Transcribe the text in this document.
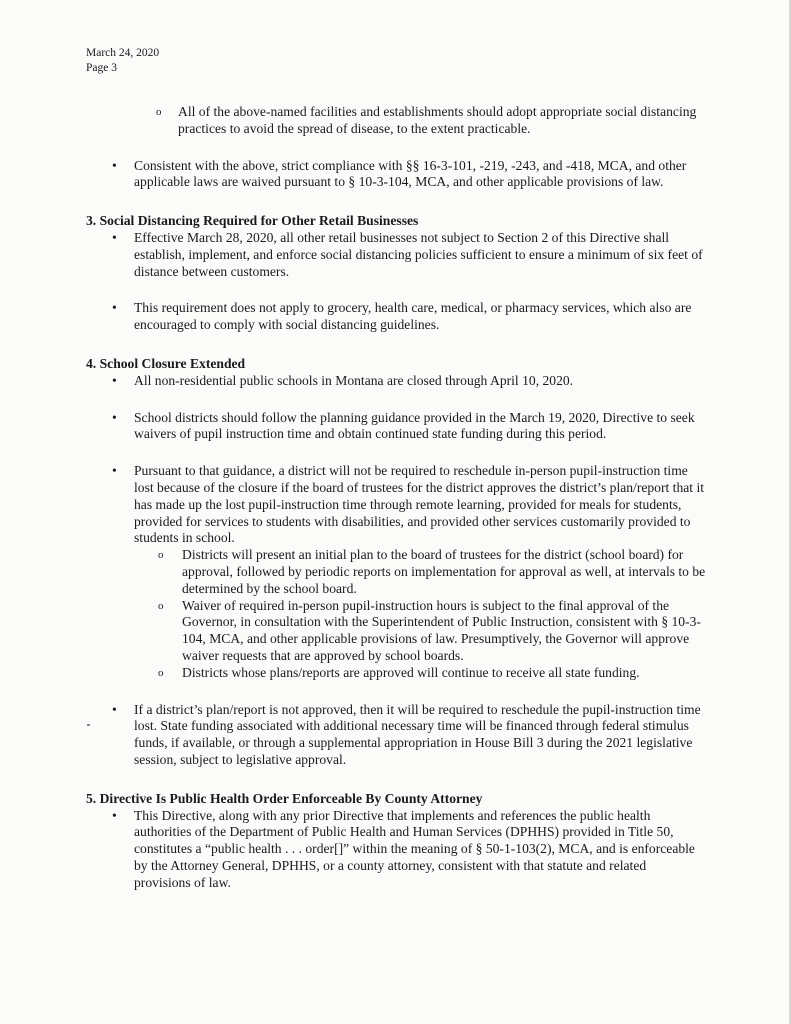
March 24, 2020
Page 3
o All of the above-named facilities and establishments should adopt appropriate social distancing practices to avoid the spread of disease, to the extent practicable.
• Consistent with the above, strict compliance with §§ 16-3-101, -219, -243, and -418, MCA, and other applicable laws are waived pursuant to § 10-3-104, MCA, and other applicable provisions of law.
3. Social Distancing Required for Other Retail Businesses
• Effective March 28, 2020, all other retail businesses not subject to Section 2 of this Directive shall establish, implement, and enforce social distancing policies sufficient to ensure a minimum of six feet of distance between customers.
• This requirement does not apply to grocery, health care, medical, or pharmacy services, which also are encouraged to comply with social distancing guidelines.
4. School Closure Extended
• All non-residential public schools in Montana are closed through April 10, 2020.
• School districts should follow the planning guidance provided in the March 19, 2020, Directive to seek waivers of pupil instruction time and obtain continued state funding during this period.
• Pursuant to that guidance, a district will not be required to reschedule in-person pupil-instruction time lost because of the closure if the board of trustees for the district approves the district’s plan/report that it has made up the lost pupil-instruction time through remote learning, provided for meals for students, provided for services to students with disabilities, and provided other services customarily provided to students in school.
o Districts will present an initial plan to the board of trustees for the district (school board) for approval, followed by periodic reports on implementation for approval as well, at intervals to be determined by the school board.
o Waiver of required in-person pupil-instruction hours is subject to the final approval of the Governor, in consultation with the Superintendent of Public Instruction, consistent with § 10-3-104, MCA, and other applicable provisions of law. Presumptively, the Governor will approve waiver requests that are approved by school boards.
o Districts whose plans/reports are approved will continue to receive all state funding.
• If a district’s plan/report is not approved, then it will be required to reschedule the pupil-instruction time lost. State funding associated with additional necessary time will be financed through federal stimulus funds, if available, or through a supplemental appropriation in House Bill 3 during the 2021 legislative session, subject to legislative approval.
5. Directive Is Public Health Order Enforceable By County Attorney
• This Directive, along with any prior Directive that implements and references the public health authorities of the Department of Public Health and Human Services (DPHHS) provided in Title 50, constitutes a “public health . . . order[]” within the meaning of § 50-1-103(2), MCA, and is enforceable by the Attorney General, DPHHS, or a county attorney, consistent with that statute and related provisions of law.
